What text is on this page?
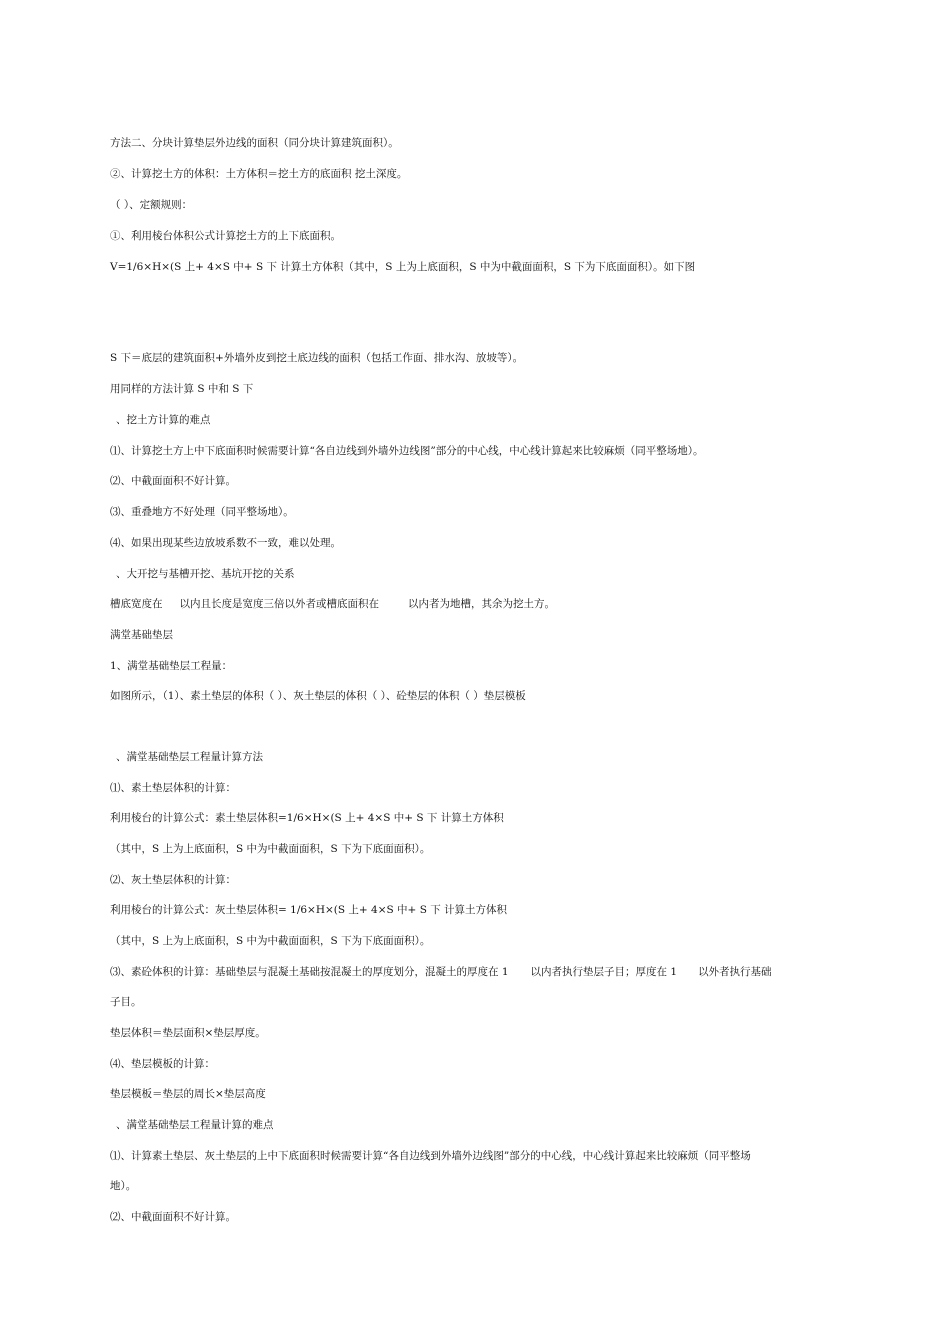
方法二、分块计算垫层外边线的面积（同分块计算建筑面积）。
②、计算挖土方的体积：土方体积＝挖土方的底面积 挖土深度。
（ ）、定额规则：
①、利用棱台体积公式计算挖土方的上下底面积。
V=1/6×H×(S 上+ 4×S 中+ S 下 计算土方体积（其中，S 上为上底面积，S 中为中截面面积，S 下为下底面面积）。如下图
S 下＝底层的建筑面积+外墙外皮到挖土底边线的面积（包括工作面、排水沟、放坡等）。
用同样的方法计算 S 中和 S 下
、挖土方计算的难点
⑴、计算挖土方上中下底面积时候需要计算“各自边线到外墙外边线图”部分的中心线，中心线计算起来比较麻烦（同平整场地）。
⑵、中截面面积不好计算。
⑶、重叠地方不好处理（同平整场地）。
⑷、如果出现某些边放坡系数不一致，难以处理。
、大开挖与基槽开挖、基坑开挖的关系
槽底宽度在 以内且长度是宽度三倍以外者或槽底面积在	以内者为地槽，其余为挖土方。
满堂基础垫层
1、满堂基础垫层工程量：
如图所示，（1）、素土垫层的体积（ ）、灰土垫层的体积（ ）、砼垫层的体积（ ）垫层模板
、满堂基础垫层工程量计算方法
⑴、素土垫层体积的计算：
利用棱台的计算公式：素土垫层体积=1/6×H×(S 上+ 4×S 中+ S 下 计算土方体积
（其中，S 上为上底面积，S 中为中截面面积，S 下为下底面面积）。
⑵、灰土垫层体积的计算：
利用棱台的计算公式：灰土垫层体积= 1/6×H×(S 上+ 4×S 中+ S 下 计算土方体积
（其中，S 上为上底面积，S 中为中截面面积，S 下为下底面面积）。
⑶、素砼体积的计算：基础垫层与混凝土基础按混凝土的厚度划分，混凝土的厚度在 1 以内者执行垫层子目；厚度在 1 以外者执行基础
子目。
垫层体积＝垫层面积×垫层厚度。
⑷、垫层模板的计算：
垫层模板＝垫层的周长×垫层高度
、满堂基础垫层工程量计算的难点
⑴、计算素土垫层、灰土垫层的上中下底面积时候需要计算“各自边线到外墙外边线图”部分的中心线，中心线计算起来比较麻烦（同平整场
地）。
⑵、中截面面积不好计算。
